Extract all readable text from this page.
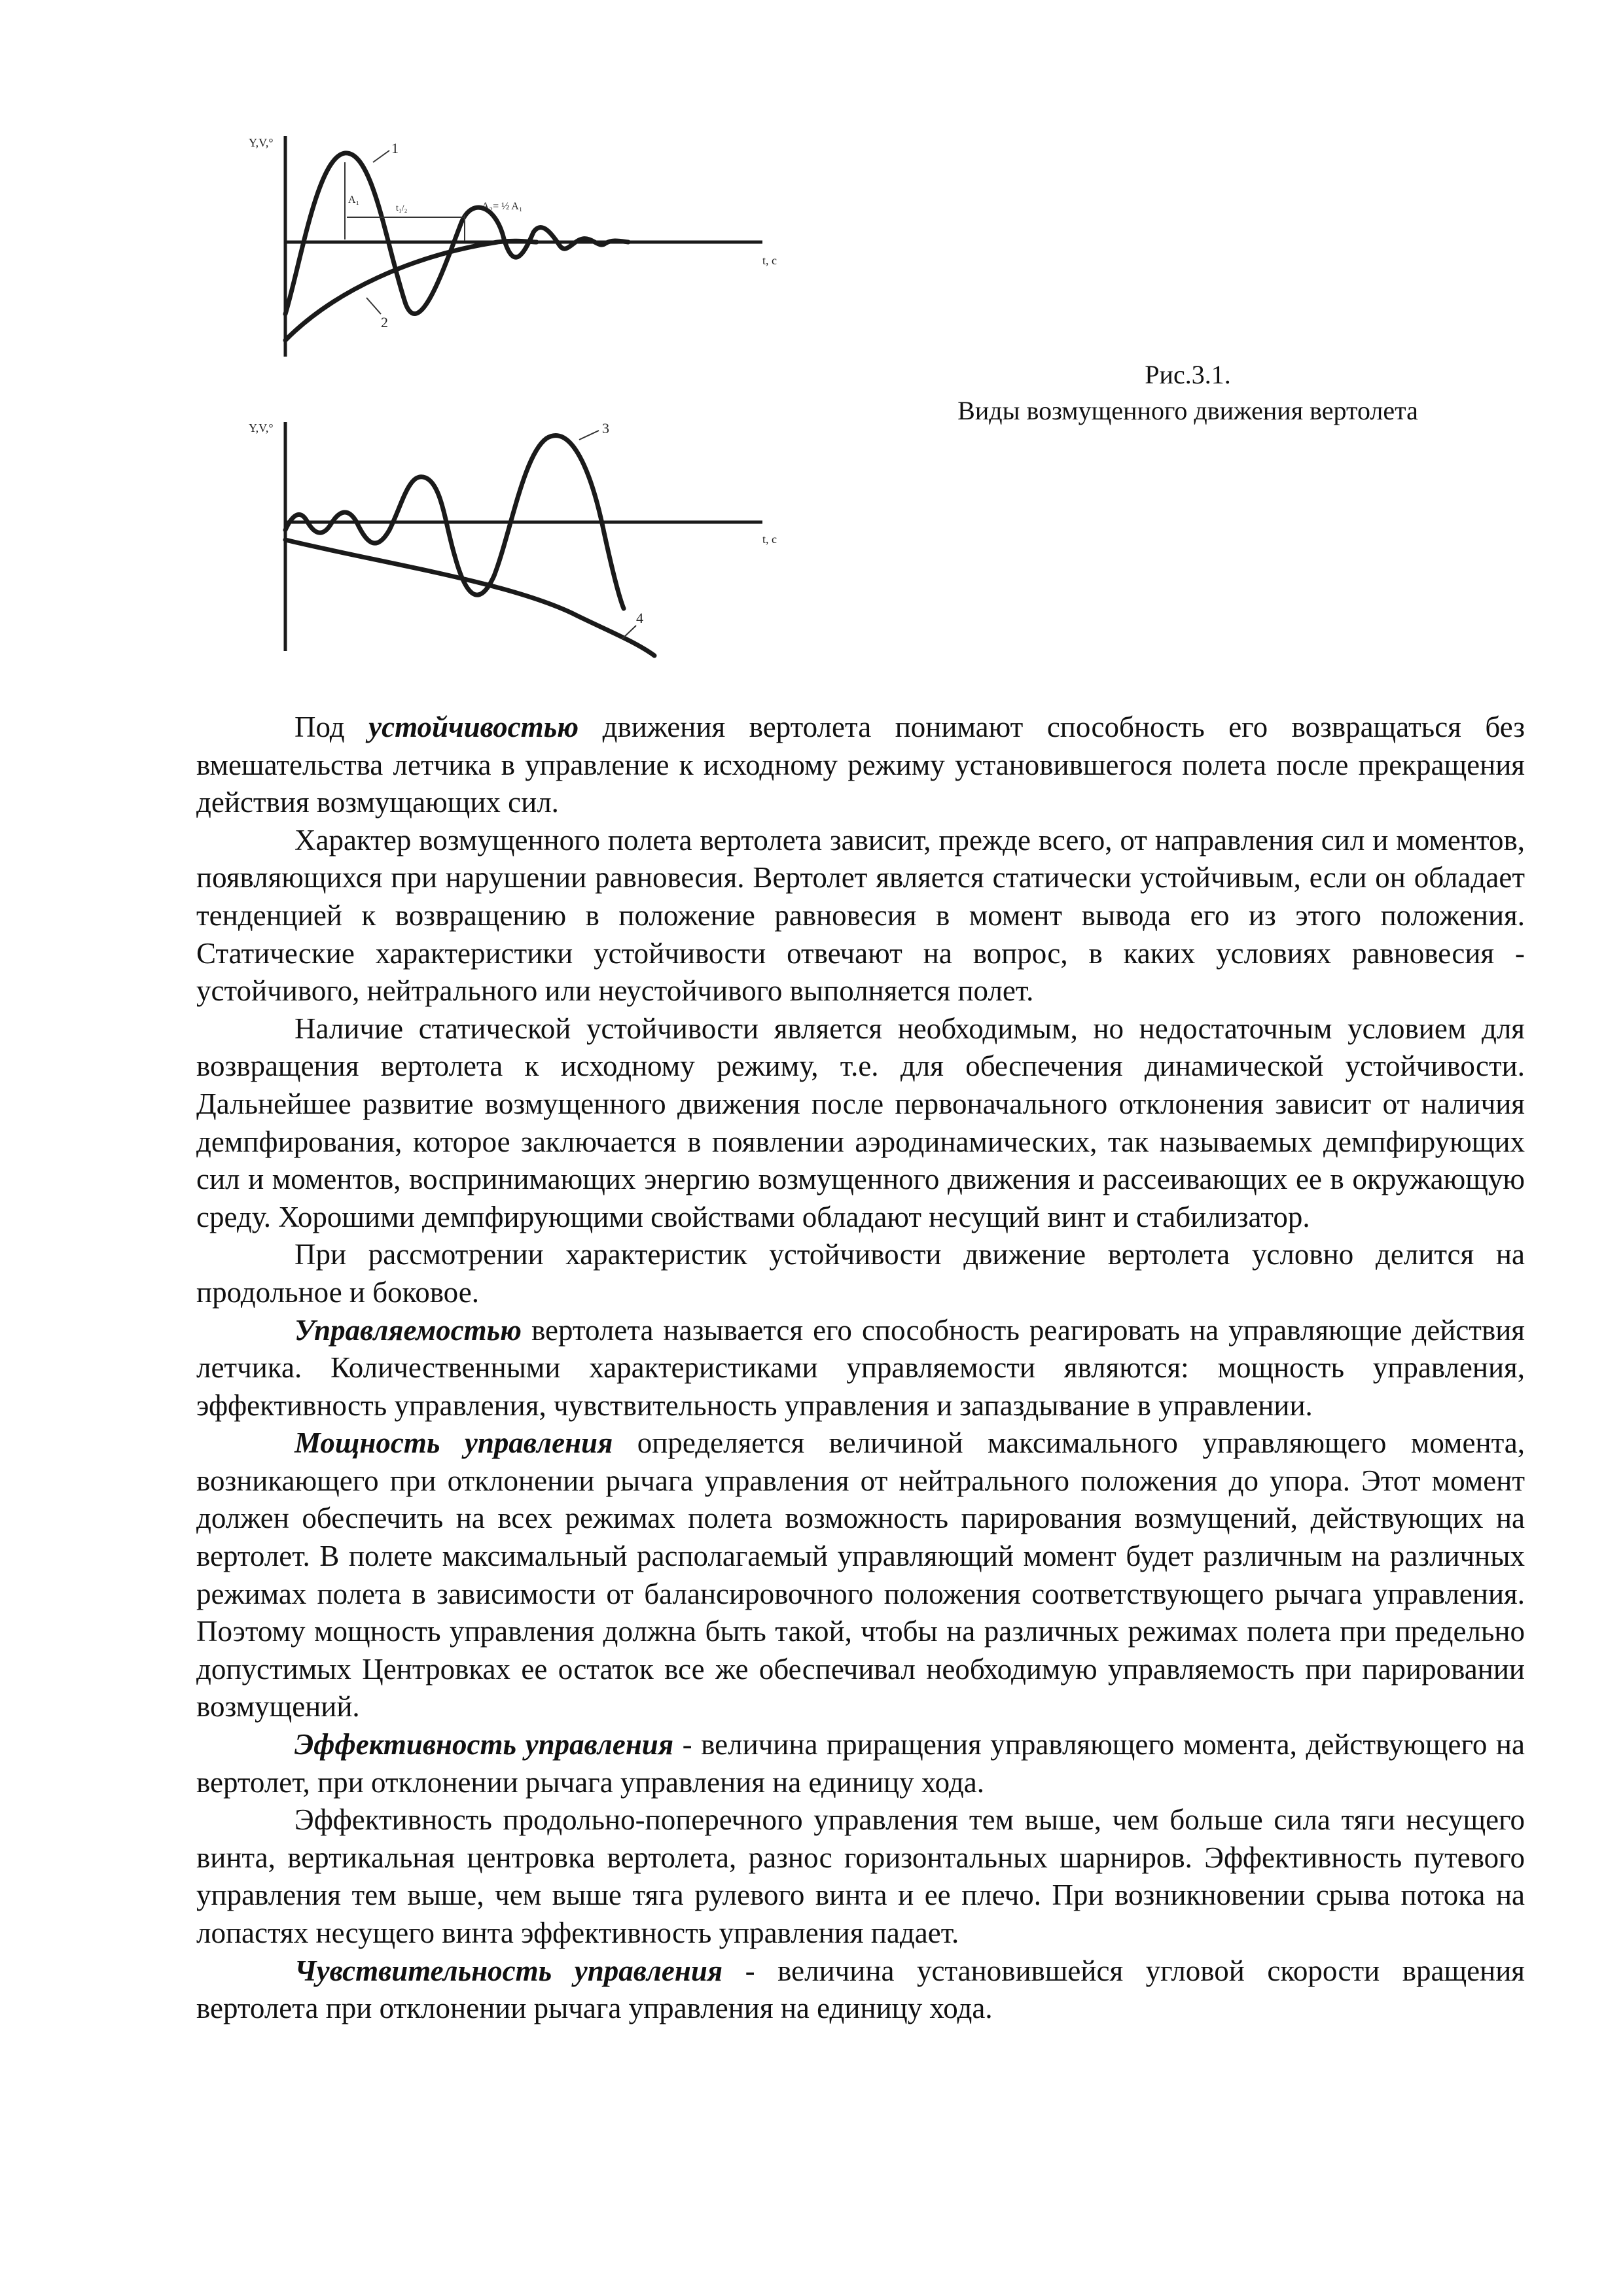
Y,V,°
t, c
1
2
A₁
t₁/₂	A₂= ½ A₁
Y,V,°
t, c
3
4
Рис.3.1.
Виды возмущенного движения вертолета

Под устойчивостью движения вертолета понимают способность его возвращаться без вмешательства летчика в управление к исходному режиму установившегося полета после прекращения действия возмущающих сил.

Характер возмущенного полета вертолета зависит, прежде всего, от направления сил и моментов, появляющихся при нарушении равновесия. Вертолет является статически устойчивым, если он обладает тенденцией к возвращению в положение равновесия в момент вывода его из этого положения. Статические характеристики устойчивости отвечают на вопрос, в каких условиях равновесия - устойчивого, нейтрального или неустойчивого выполняется полет.

Наличие статической устойчивости является необходимым, но недостаточным условием для возвращения вертолета к исходному режиму, т.е. для обеспечения динамической устойчивости. Дальнейшее развитие возмущенного движения после первоначального отклонения зависит от наличия демпфирования, которое заключается в появлении аэродинамических, так называемых демпфирующих сил и моментов, воспринимающих энергию возмущенного движения и рассеивающих ее в окружающую среду. Хорошими демпфирующими свойствами обладают несущий винт и стабилизатор.

При рассмотрении характеристик устойчивости движение вертолета условно делится на продольное и боковое.

Управляемостью вертолета называется его способность реагировать на управляющие действия летчика. Количественными характеристиками управляемости являются: мощность управления, эффективность управления, чувствительность управления и запаздывание в управлении.

Мощность управления определяется величиной максимального управляющего момента, возникающего при отклонении рычага управления от нейтрального положения до упора. Этот момент должен обеспечить на всех режимах полета возможность парирования возмущений, действующих на вертолет. В полете максимальный располагаемый управляющий момент будет различным на различных режимах полета в зависимости от балансировочного положения соответствующего рычага управления. Поэтому мощность управления должна быть такой, чтобы на различных режимах полета при предельно допустимых Центровках ее остаток все же обеспечивал необходимую управляемость при парировании возмущений.

Эффективность управления - величина приращения управляющего момента, действующего на вертолет, при отклонении рычага управления на единицу хода.

Эффективность продольно-поперечного управления тем выше, чем больше сила тяги несущего винта, вертикальная центровка вертолета, разнос горизонтальных шарниров. Эффективность путевого управления тем выше, чем выше тяга рулевого винта и ее плечо. При возникновении срыва потока на лопастях несущего винта эффективность управления падает.

Чувствительность управления - величина установившейся угловой скорости вращения вертолета при отклонении рычага управления на единицу хода.
